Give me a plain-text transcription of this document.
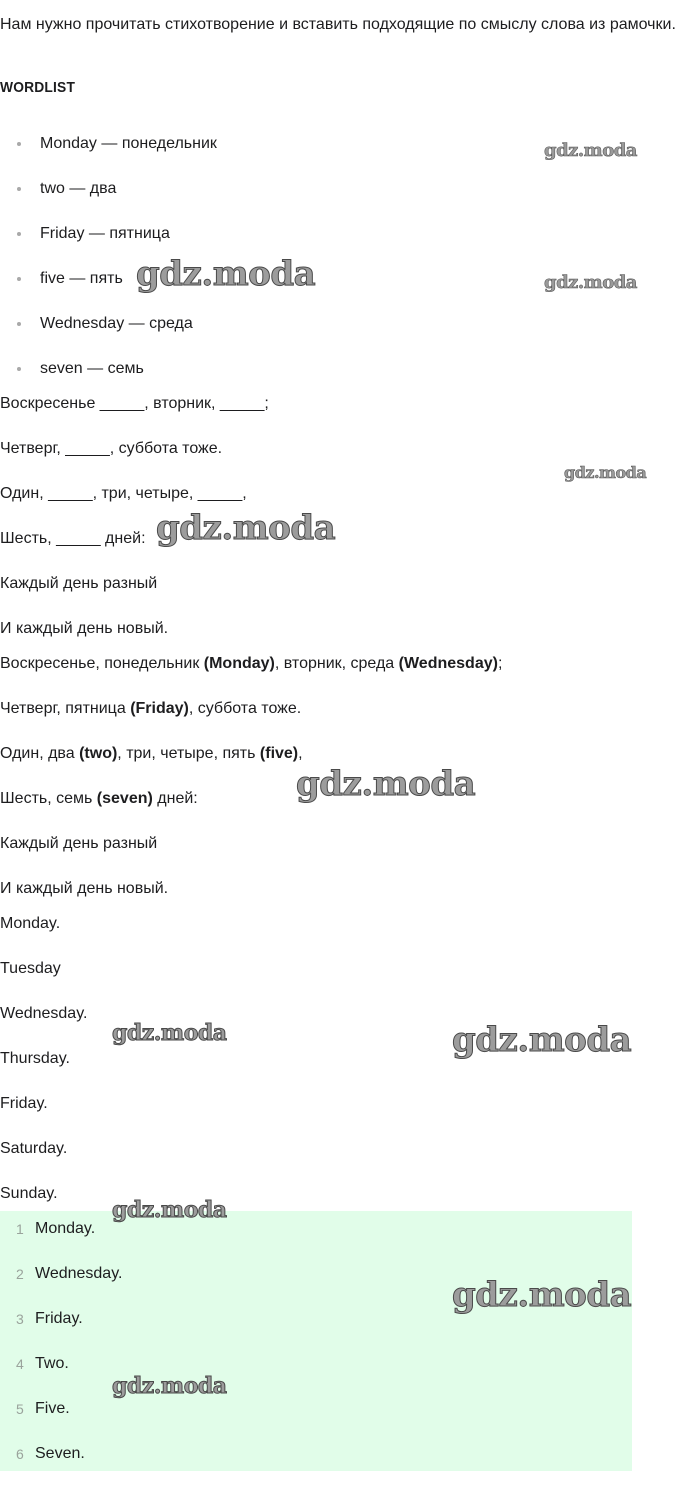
Нам нужно прочитать стихотворение и вставить подходящие по смыслу слова из рамочки.
WORDLIST
Monday — понедельник
two — два
Friday — пятница
five — пять
Wednesday — среда
seven — семь
Воскресенье _____, вторник, _____;
Четверг, _____, суббота тоже.
Один, _____, три, четыре, _____,
Шесть, _____ дней:
Каждый день разный
И каждый день новый.
Воскресенье, понедельник (Monday), вторник, среда (Wednesday);
Четверг, пятница (Friday), суббота тоже.
Один, два (two), три, четыре, пять (five),
Шесть, семь (seven) дней:
Каждый день разный
И каждый день новый.
Monday.
Tuesday
Wednesday.
Thursday.
Friday.
Saturday.
Sunday.
1 Monday.
2 Wednesday.
3 Friday.
4 Two.
5 Five.
6 Seven.
gdz.moda
gdz.moda	gdz.moda
gdz.moda
gdz.moda
gdz.moda
gdz.moda	gdz.moda
gdz.moda
gdz.moda
gdz.moda
